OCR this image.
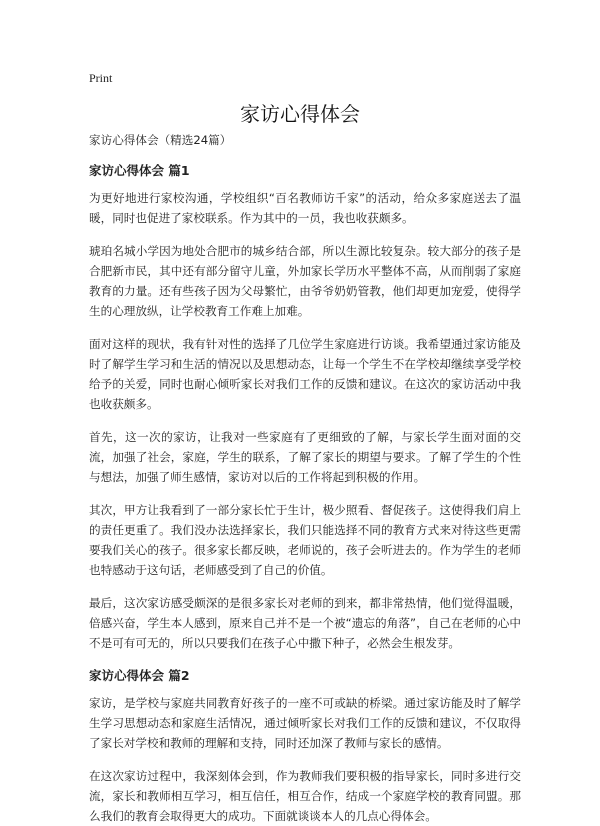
Print
家访心得体会

家访心得体会（精选24篇）

家访心得体会 篇1

为更好地进行家校沟通，学校组织“百名教师访千家”的活动，给众多家庭送去了温暖，同时也促进了家校联系。作为其中的一员，我也收获颇多。

琥珀名城小学因为地处合肥市的城乡结合部，所以生源比较复杂。较大部分的孩子是合肥新市民，其中还有部分留守儿童，外加家长学历水平整体不高，从而削弱了家庭教育的力量。还有些孩子因为父母繁忙，由爷爷奶奶管教，他们却更加宠爱，使得学生的心理放纵，让学校教育工作难上加难。

面对这样的现状，我有针对性的选择了几位学生家庭进行访谈。我希望通过家访能及时了解学生学习和生活的情况以及思想动态，让每一个学生不在学校却继续享受学校给予的关爱，同时也耐心倾听家长对我们工作的反馈和建议。在这次的家访活动中我也收获颇多。

首先，这一次的家访，让我对一些家庭有了更细致的了解，与家长学生面对面的交流，加强了社会，家庭，学生的联系，了解了家长的期望与要求。了解了学生的个性与想法，加强了师生感情，家访对以后的工作将起到积极的作用。

其次，甲方让我看到了一部分家长忙于生计，极少照看、督促孩子。这使得我们肩上的责任更重了。我们没办法选择家长，我们只能选择不同的教育方式来对待这些更需要我们关心的孩子。很多家长都反映，老师说的，孩子会听进去的。作为学生的老师也特感动于这句话，老师感受到了自己的价值。

最后，这次家访感受颇深的是很多家长对老师的到来，都非常热情，他们觉得温暖，倍感兴奋，学生本人感到，原来自己并不是一个被“遗忘的角落”，自己在老师的心中不是可有可无的，所以只要我们在孩子心中撒下种子，必然会生根发芽。

家访心得体会 篇2

家访，是学校与家庭共同教育好孩子的一座不可或缺的桥梁。通过家访能及时了解学生学习思想动态和家庭生活情况，通过倾听家长对我们工作的反馈和建议，不仅取得了家长对学校和教师的理解和支持，同时还加深了教师与家长的感情。

在这次家访过程中，我深刻体会到，作为教师我们要积极的指导家长，同时多进行交流，家长和教师相互学习，相互信任，相互合作，结成一个家庭学校的教育同盟。那么我们的教育会取得更大的成功。下面就谈谈本人的几点心得体会。
